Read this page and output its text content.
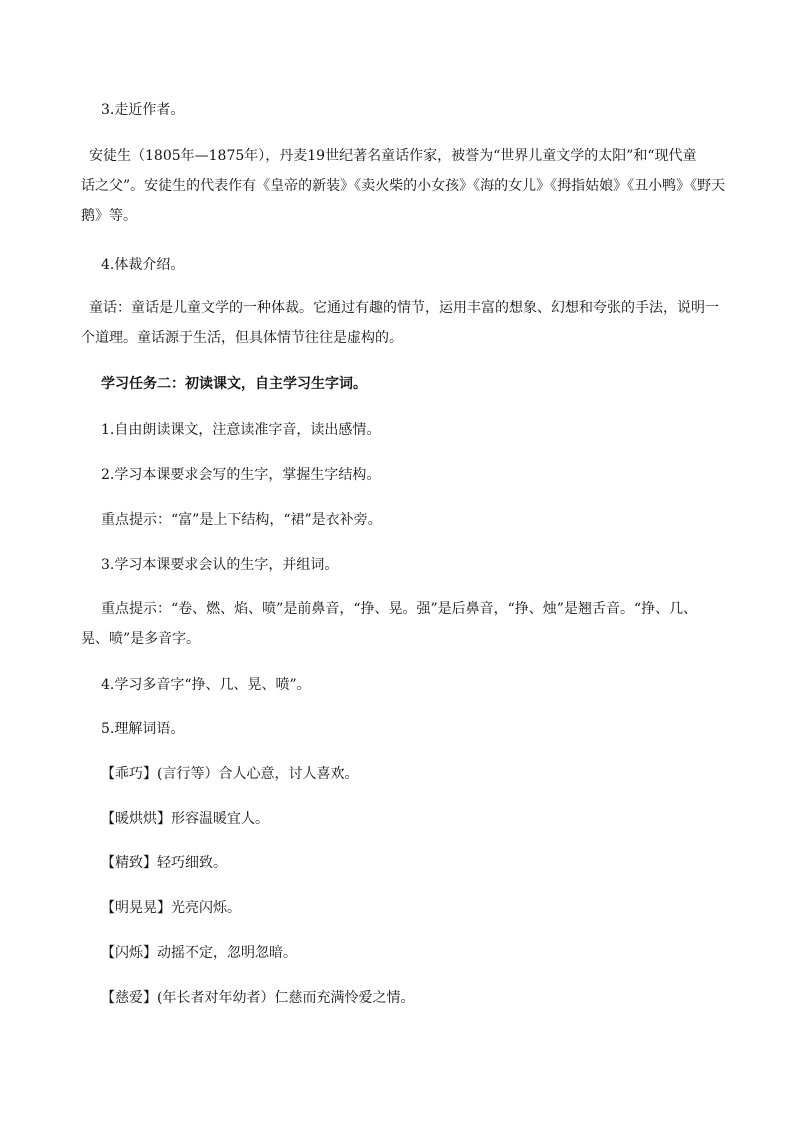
3.走近作者。
安徒生（1805年—1875年），丹麦19世纪著名童话作家，被誉为“世界儿童文学的太阳”和“现代童
话之父”。安徒生的代表作有《皇帝的新装》《卖火柴的小女孩》《海的女儿》《拇指姑娘》《丑小鸭》《野天
鹅》等。
4.体裁介绍。
童话：童话是儿童文学的一种体裁。它通过有趣的情节，运用丰富的想象、幻想和夸张的手法，说明一
个道理。童话源于生活，但具体情节往往是虚构的。
学习任务二：初读课文，自主学习生字词。
1.自由朗读课文，注意读准字音，读出感情。
2.学习本课要求会写的生字，掌握生字结构。
重点提示：“富”是上下结构，“裙”是衣补旁。
3.学习本课要求会认的生字，并组词。
重点提示：“卷、燃、焰、喷”是前鼻音，“挣、晃。强”是后鼻音，“挣、烛”是翘舌音。“挣、几、
晃、喷”是多音字。
4.学习多音字“挣、几、晃、喷”。
5.理解词语。
【乖巧】(言行等）合人心意，讨人喜欢。
【暖烘烘】形容温暖宜人。
【精致】轻巧细致。
【明晃晃】光亮闪烁。
【闪烁】动摇不定，忽明忽暗。
【慈爱】(年长者对年幼者）仁慈而充满怜爱之情。
